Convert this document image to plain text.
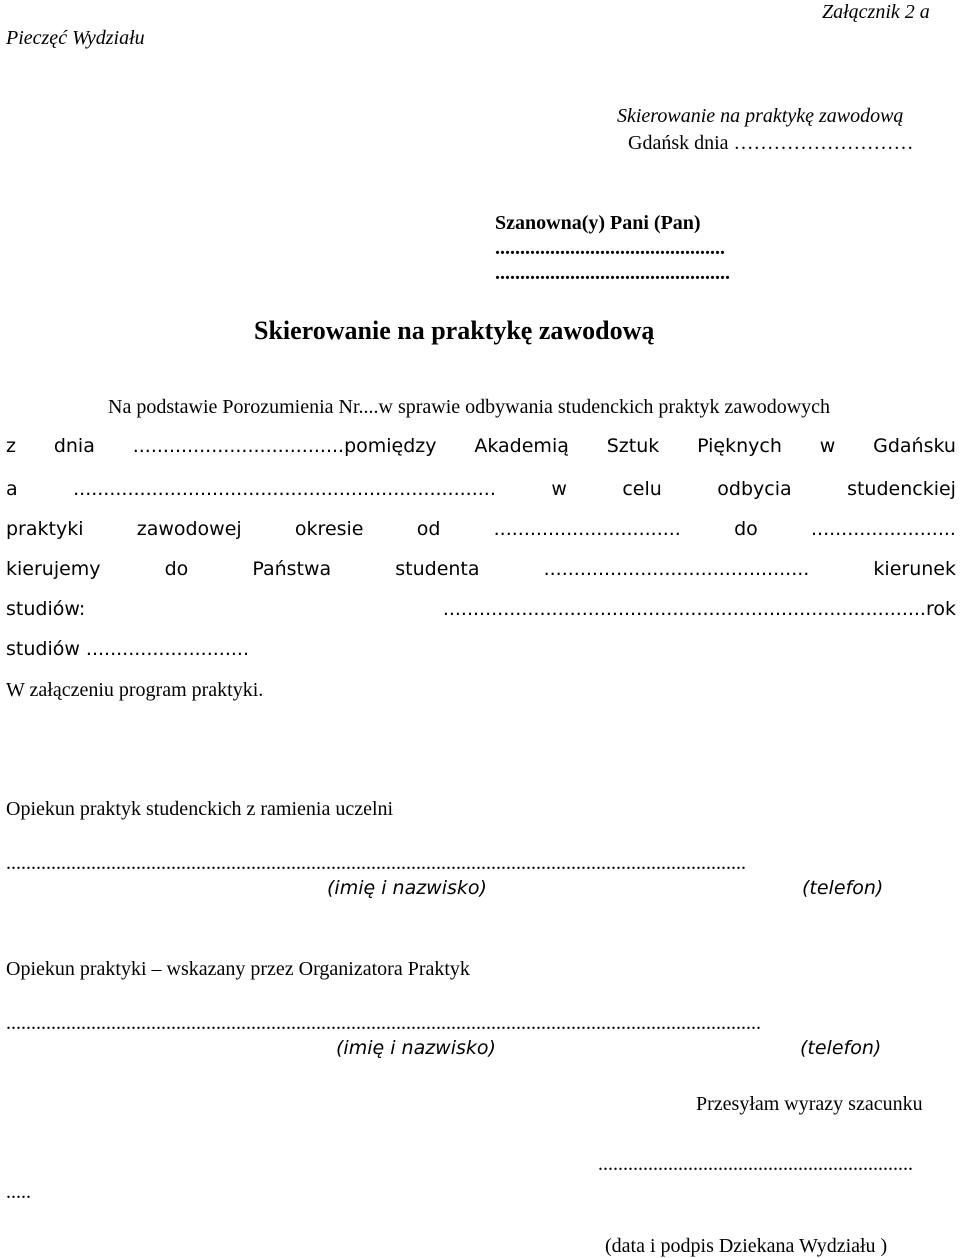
Pieczęć Wydziału
Załącznik 2 a
Skierowanie na praktykę zawodową
Gdańsk dnia ………………………
Szanowna(y) Pani (Pan)
..............................................
...............................................
Skierowanie na praktykę zawodową
Na podstawie Porozumienia Nr....w sprawie odbywania studenckich praktyk zawodowych
z dnia ...................................pomiędzy Akademią Sztuk Pięknych w Gdańsku
a	......................................................................	w	celu	odbycia	studenckiej
praktyki	zawodowej	okresie	od	...............................	do	........................
kierujemy	do	Państwa	studenta	............................................	kierunek
studiów:	................................................................................rok
studiów ...........................
W załączeniu program praktyki.
Opiekun praktyk studenckich z ramienia uczelni
....................................................................................................................................................
(imię i nazwisko)	(telefon)
Opiekun praktyki – wskazany przez Organizatora Praktyk
.......................................................................................................................................................
(imię i nazwisko)	(telefon)
Przesyłam wyrazy szacunku
...............................................................
.....
(data i podpis Dziekana Wydziału )
